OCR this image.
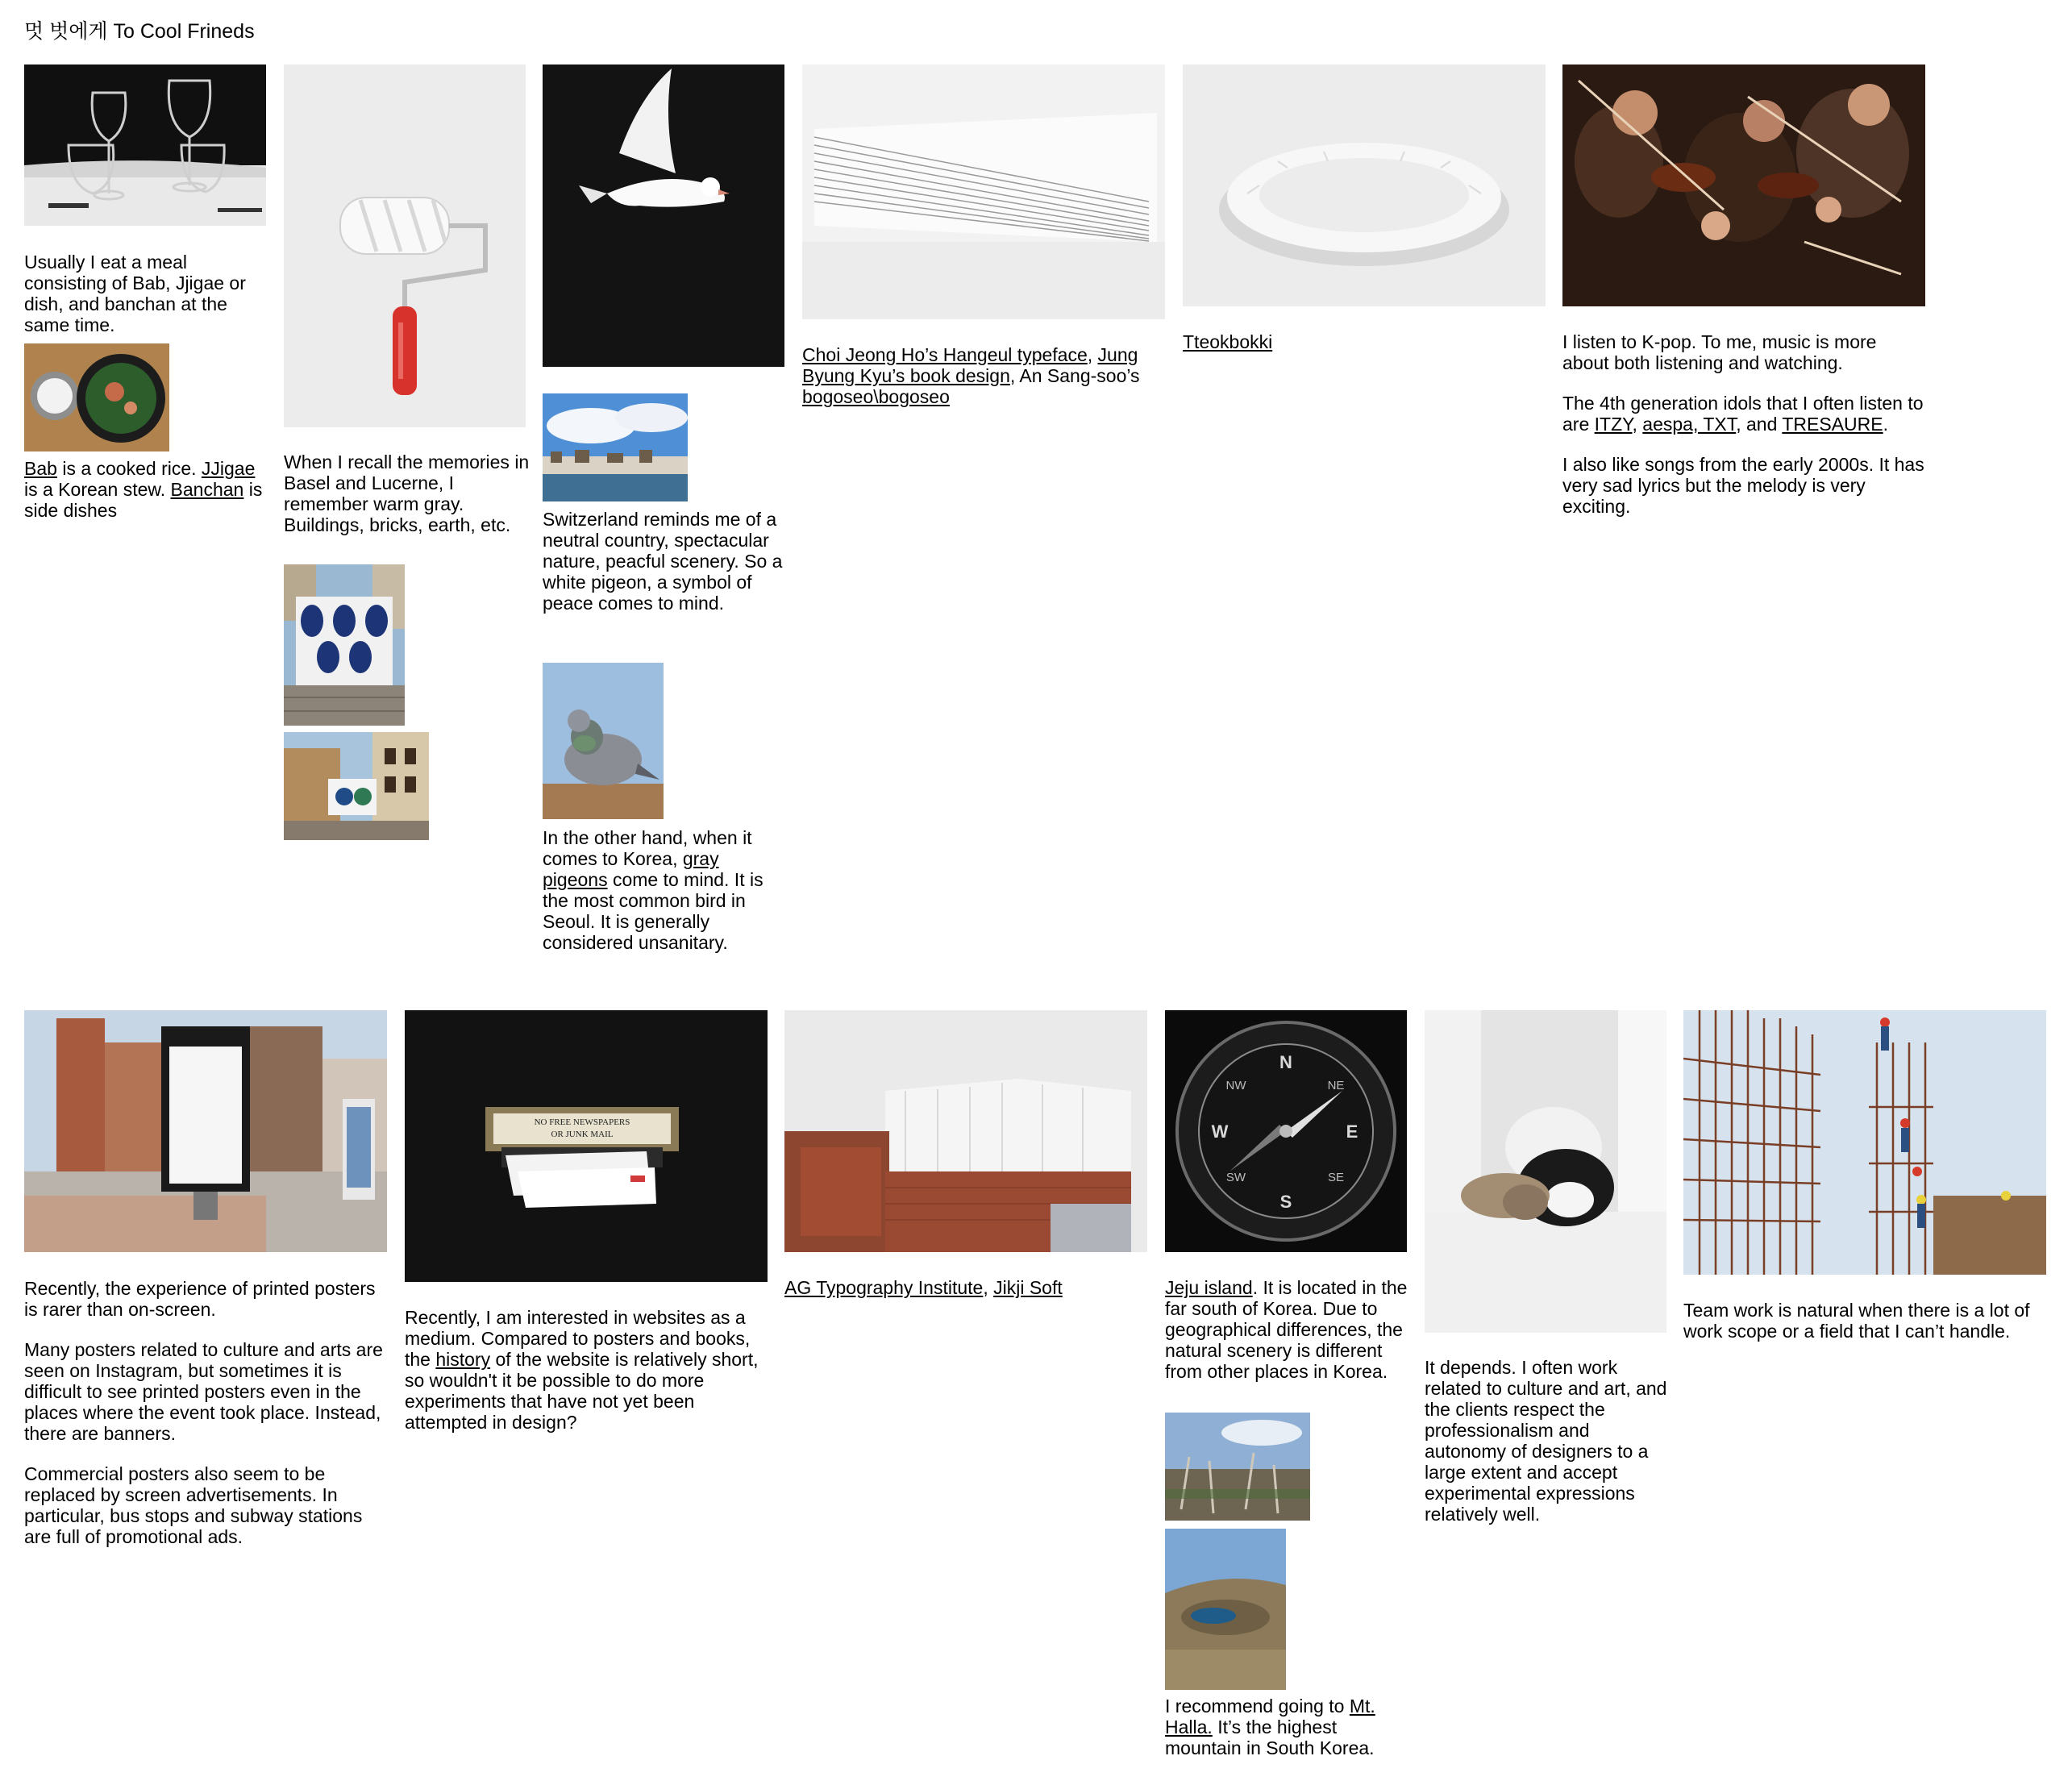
멋 벗에게 To Cool Frineds

Usually I eat a meal consisting of Bab, Jjigae or dish, and banchan at the same time.

Bab is a cooked rice. JJigae is a Korean stew. Banchan is side dishes

When I recall the memories in Basel and Lucerne, I remember warm gray. Buildings, bricks, earth, etc.	Switzerland reminds me of a neutral country, spectacular nature, peacful scenery. So a white pigeon, a symbol of peace comes to mind.

In the other hand, when it comes to Korea, gray pigeons come to mind. It is the most common bird in Seoul. It is generally considered unsanitary.

Choi Jeong Ho’s Hangeul typeface, Jung Byung Kyu’s book design, An Sang-soo’s bogoseo\bogoseo

Tteokbokki	I listen to K-pop. To me, music is more about both listening and watching.

The 4th generation idols that I often listen to are ITZY, aespa, TXT, and TRESAURE.

I also like songs from the early 2000s. It has very sad lyrics but the melody is very exciting.

Recently, the experience of printed posters is rarer than on-screen.

Many posters related to culture and arts are seen on Instagram, but sometimes it is difficult to see printed posters even in the places where the event took place. Instead, there are banners.

Commercial posters also seem to be replaced by screen advertisements. In particular, bus stops and subway stations are full of promotional ads.

NO FREE NEWSPAPERS
OR JUNK MAIL

Recently, I am interested in websites as a medium. Compared to posters and books, the history of the website is relatively short, so wouldn't it be possible to do more experiments that have not yet been attempted in design?

AG Typography Institute, Jikji Soft

N
E
S
W
NE
SE
SW
NW

Jeju island. It is located in the far south of Korea. Due to geographical differences, the natural scenery is different from other places in Korea.

I recommend going to Mt. Halla. It’s the highest mountain in South Korea.

It depends. I often work related to culture and art, and the clients respect the professionalism and autonomy of designers to a large extent and accept experimental expressions relatively well.

Team work is natural when there is a lot of work scope or a field that I can’t handle.
